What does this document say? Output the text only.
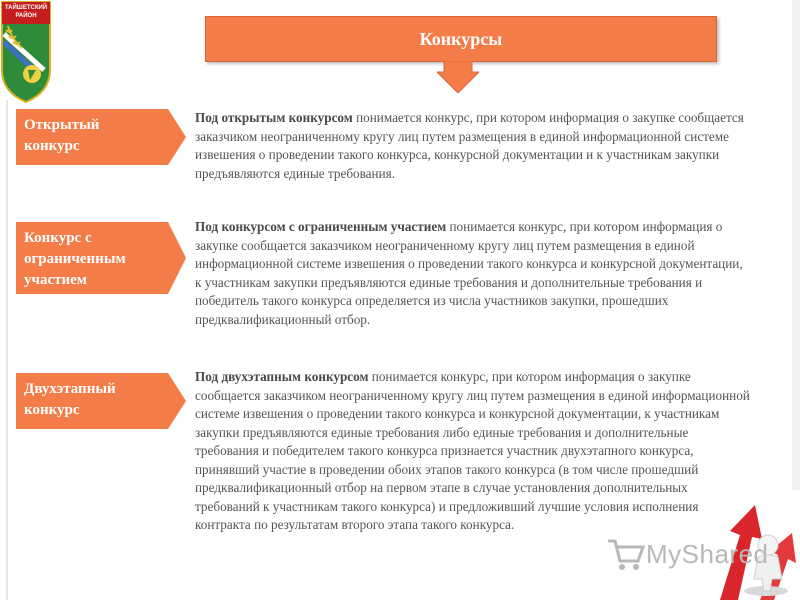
ТАЙШЕТСКИЙ
РАЙОН
Конкурсы
Открытый конкурс
Под открытым конкурсом понимается конкурс, при котором информация о закупке сообщается заказчиком неограниченному кругу лиц путем размещения в единой информационной системе извешения о проведении такого конкурса, конкурсной документации и к участникам закупки предъявляются единые требования.
Конкурс с ограниченным участием
Под конкурсом с ограниченным участием понимается конкурс, при котором информация о закупке сообщается заказчиком неограниченному кругу лиц путем размещения в единой информационной системе извешения о проведении такого конкурса и конкурсной документации, к участникам закупки предъявляются единые требования и дополнительные требования и победитель такого конкурса определяется из числа участников закупки, прошедших предквалификационный отбор.
Двухэтапный конкурс
Под двухэтапным конкурсом понимается конкурс, при котором информация о закупке сообщается заказчиком неограниченному кругу лиц путем размещения в единой информационной системе извешения о проведении такого конкурса и конкурсной документации, к участникам закупки предъявляются единые требования либо единые требования и дополнительные требования и победителем такого конкурса признается участник двухэтапного конкурса, принявший участие в проведении обоих этапов такого конкурса (в том числе прошедший предквалификационный отбор на первом этапе в случае установления дополнительных требований к участникам такого конкурса) и предложивший лучшие условия исполнения контракта по результатам второго этапа такого конкурса.
MyShared
